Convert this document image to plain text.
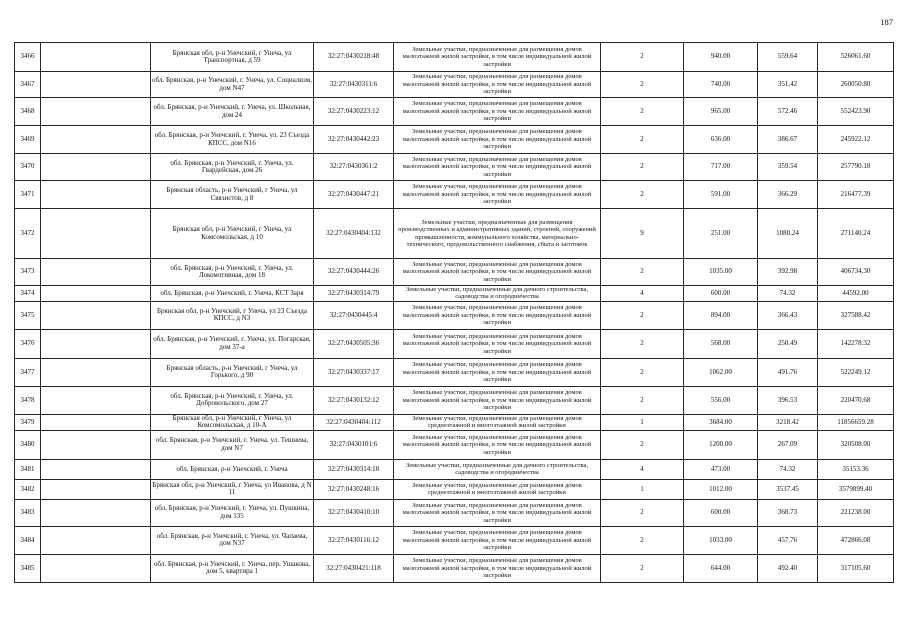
187
3466		Брянская обл, р-н Унечский, г Унеча, ул Транспортная, д 59	32:27:0430218:48	Земельные участки, предназначенные для размещения домов малоэтажной жилой застройки, в том числе индивидуальной жилой застройки	2	940.00	559.64	526061.60
3467		обл. Брянская, р-н Унечский, г. Унеча, ул. Социализм, дом N47	32:27:0430311:6	Земельные участки, предназначенные для размещения домов малоэтажной жилой застройки, в том числе индивидуальной жилой застройки	2	740.00	351.42	260050.80
3468		обл. Брянская, р-н Унечский, г. Унеча, ул. Школьная, дом 24	32:27:0430223:12	Земельные участки, предназначенные для размещения домов малоэтажной жилой застройки, в том числе индивидуальной жилой застройки	2	965.00	572.46	552423.90
3469		обл. Брянская, р-н Унечский, г. Унеча, ул. 23 Съезда КПСС, дом N16	32:27:0430442:23	Земельные участки, предназначенные для размещения домов малоэтажной жилой застройки, в том числе индивидуальной жилой застройки	2	636.00	386.67	245922.12
3470		обл. Брянская, р-н Унечский, г. Унеча, ул. Гвардейская, дом 26	32:27:0430361:2	Земельные участки, предназначенные для размещения домов малоэтажной жилой застройки, в том числе индивидуальной жилой застройки	2	717.00	359.54	257790.18
3471		Брянская область, р-н Унечский, г Унеча, ул Связистов, д 8	32:27:0430447:21	Земельные участки, предназначенные для размещения домов малоэтажной жилой застройки, в том числе индивидуальной жилой застройки	2	591.00	366.29	216477.39
3472		Брянская обл, р-н Унечский, г Унеча, ул Комсомольская, д 10	32:27:0430404:132	Земельные участки, предназначенные для размещения производственных и административных зданий, строений, сооружений промышленности, коммунального хозяйства, материально-технического, продовольственного снабжения, сбыта и заготовок	9	251.00	1080.24	271140.24
3473		обл. Брянская, р-н Унечский, г. Унеча, ул. Локомотивная, дом 18	32:27:0430444:26	Земельные участки, предназначенные для размещения домов малоэтажной жилой застройки, в том числе индивидуальной жилой застройки	2	1035.00	392.98	406734.30
3474		обл. Брянская, р-н Унечский, г. Унеча, КСТ Заря	32:27:0430314:79	Земельные участки, предназначенные для дачного строительства, садоводства и огородничества	4	600.00	74.32	44592.00
3475		Брянская обл, р-н Унечский, г Унеча, ул 23 Съезда КПСС, д N3	32:27:0430445:4	Земельные участки, предназначенные для размещения домов малоэтажной жилой застройки, в том числе индивидуальной жилой застройки	2	894.00	366.43	327588.42
3476		обл. Брянская, р-н Унечский, г. Унеча, ул. Погарская, дом 37-а	32:27:0430505:36	Земельные участки, предназначенные для размещения домов малоэтажной жилой застройки, в том числе индивидуальной жилой застройки	2	568.00	250.49	142278.32
3477		Брянская область, р-н Унечский, г Унеча, ул Горького, д 90	32:27:0430337:17	Земельные участки, предназначенные для размещения домов малоэтажной жилой застройки, в том числе индивидуальной жилой застройки	2	1062.00	491.76	522249.12
3478		обл. Брянская, р-н Унечский, г. Унеча, ул. Добровольского, дом 27	32:27:0430132:12	Земельные участки, предназначенные для размещения домов малоэтажной жилой застройки, в том числе индивидуальной жилой застройки	2	556.00	396.53	220470.68
3479		Брянская обл, р-н Унечский, г Унеча, ул Комсомольская, д 10-А	32:27:0430404:112	Земельные участки, предназначенные для размещения домов среднеэтажной и многоэтажной жилой застройки	1	3684.00	3218.42	11856659.28
3480		обл. Брянская, р-н Унечский, г. Унеча, ул. Тешнева, дом N7	32:27:0430101:6	Земельные участки, предназначенные для размещения домов малоэтажной жилой застройки, в том числе индивидуальной жилой застройки	2	1200.00	267.09	320508.00
3481		обл. Брянская, р-н Унечский, г. Унеча	32:27:0430314:18	Земельные участки, предназначенные для дачного строительства, садоводства и огородничества	4	473.00	74.32	35153.36
3482		Брянская обл, р-н Унечский, г Унеча, ул Иванова, д N 11	32:27:0430248:16	Земельные участки, предназначенные для размещения домов среднеэтажной и многоэтажной жилой застройки	1	1012.00	3537.45	3579899.40
3483		обл. Брянская, р-н Унечский, г. Унеча, ул. Пушкина, дом 135	32:27:0430410:10	Земельные участки, предназначенные для размещения домов малоэтажной жилой застройки, в том числе индивидуальной жилой застройки	2	600.00	368.73	221238.00
3484		обл. Брянская, р-н Унечский, г. Унеча, ул. Чапаева, дом N37	32:27:0430116:12	Земельные участки, предназначенные для размещения домов малоэтажной жилой застройки, в том числе индивидуальной жилой застройки	2	1033.00	457.76	472866.08
3485		обл. Брянская, р-н Унечский, г. Унеча, пер. Ушакова, дом 5, квартира 1	32:27:0430421:118	Земельные участки, предназначенные для размещения домов малоэтажной жилой застройки, в том числе индивидуальной жилой застройки	2	644.00	492.40	317105.60
